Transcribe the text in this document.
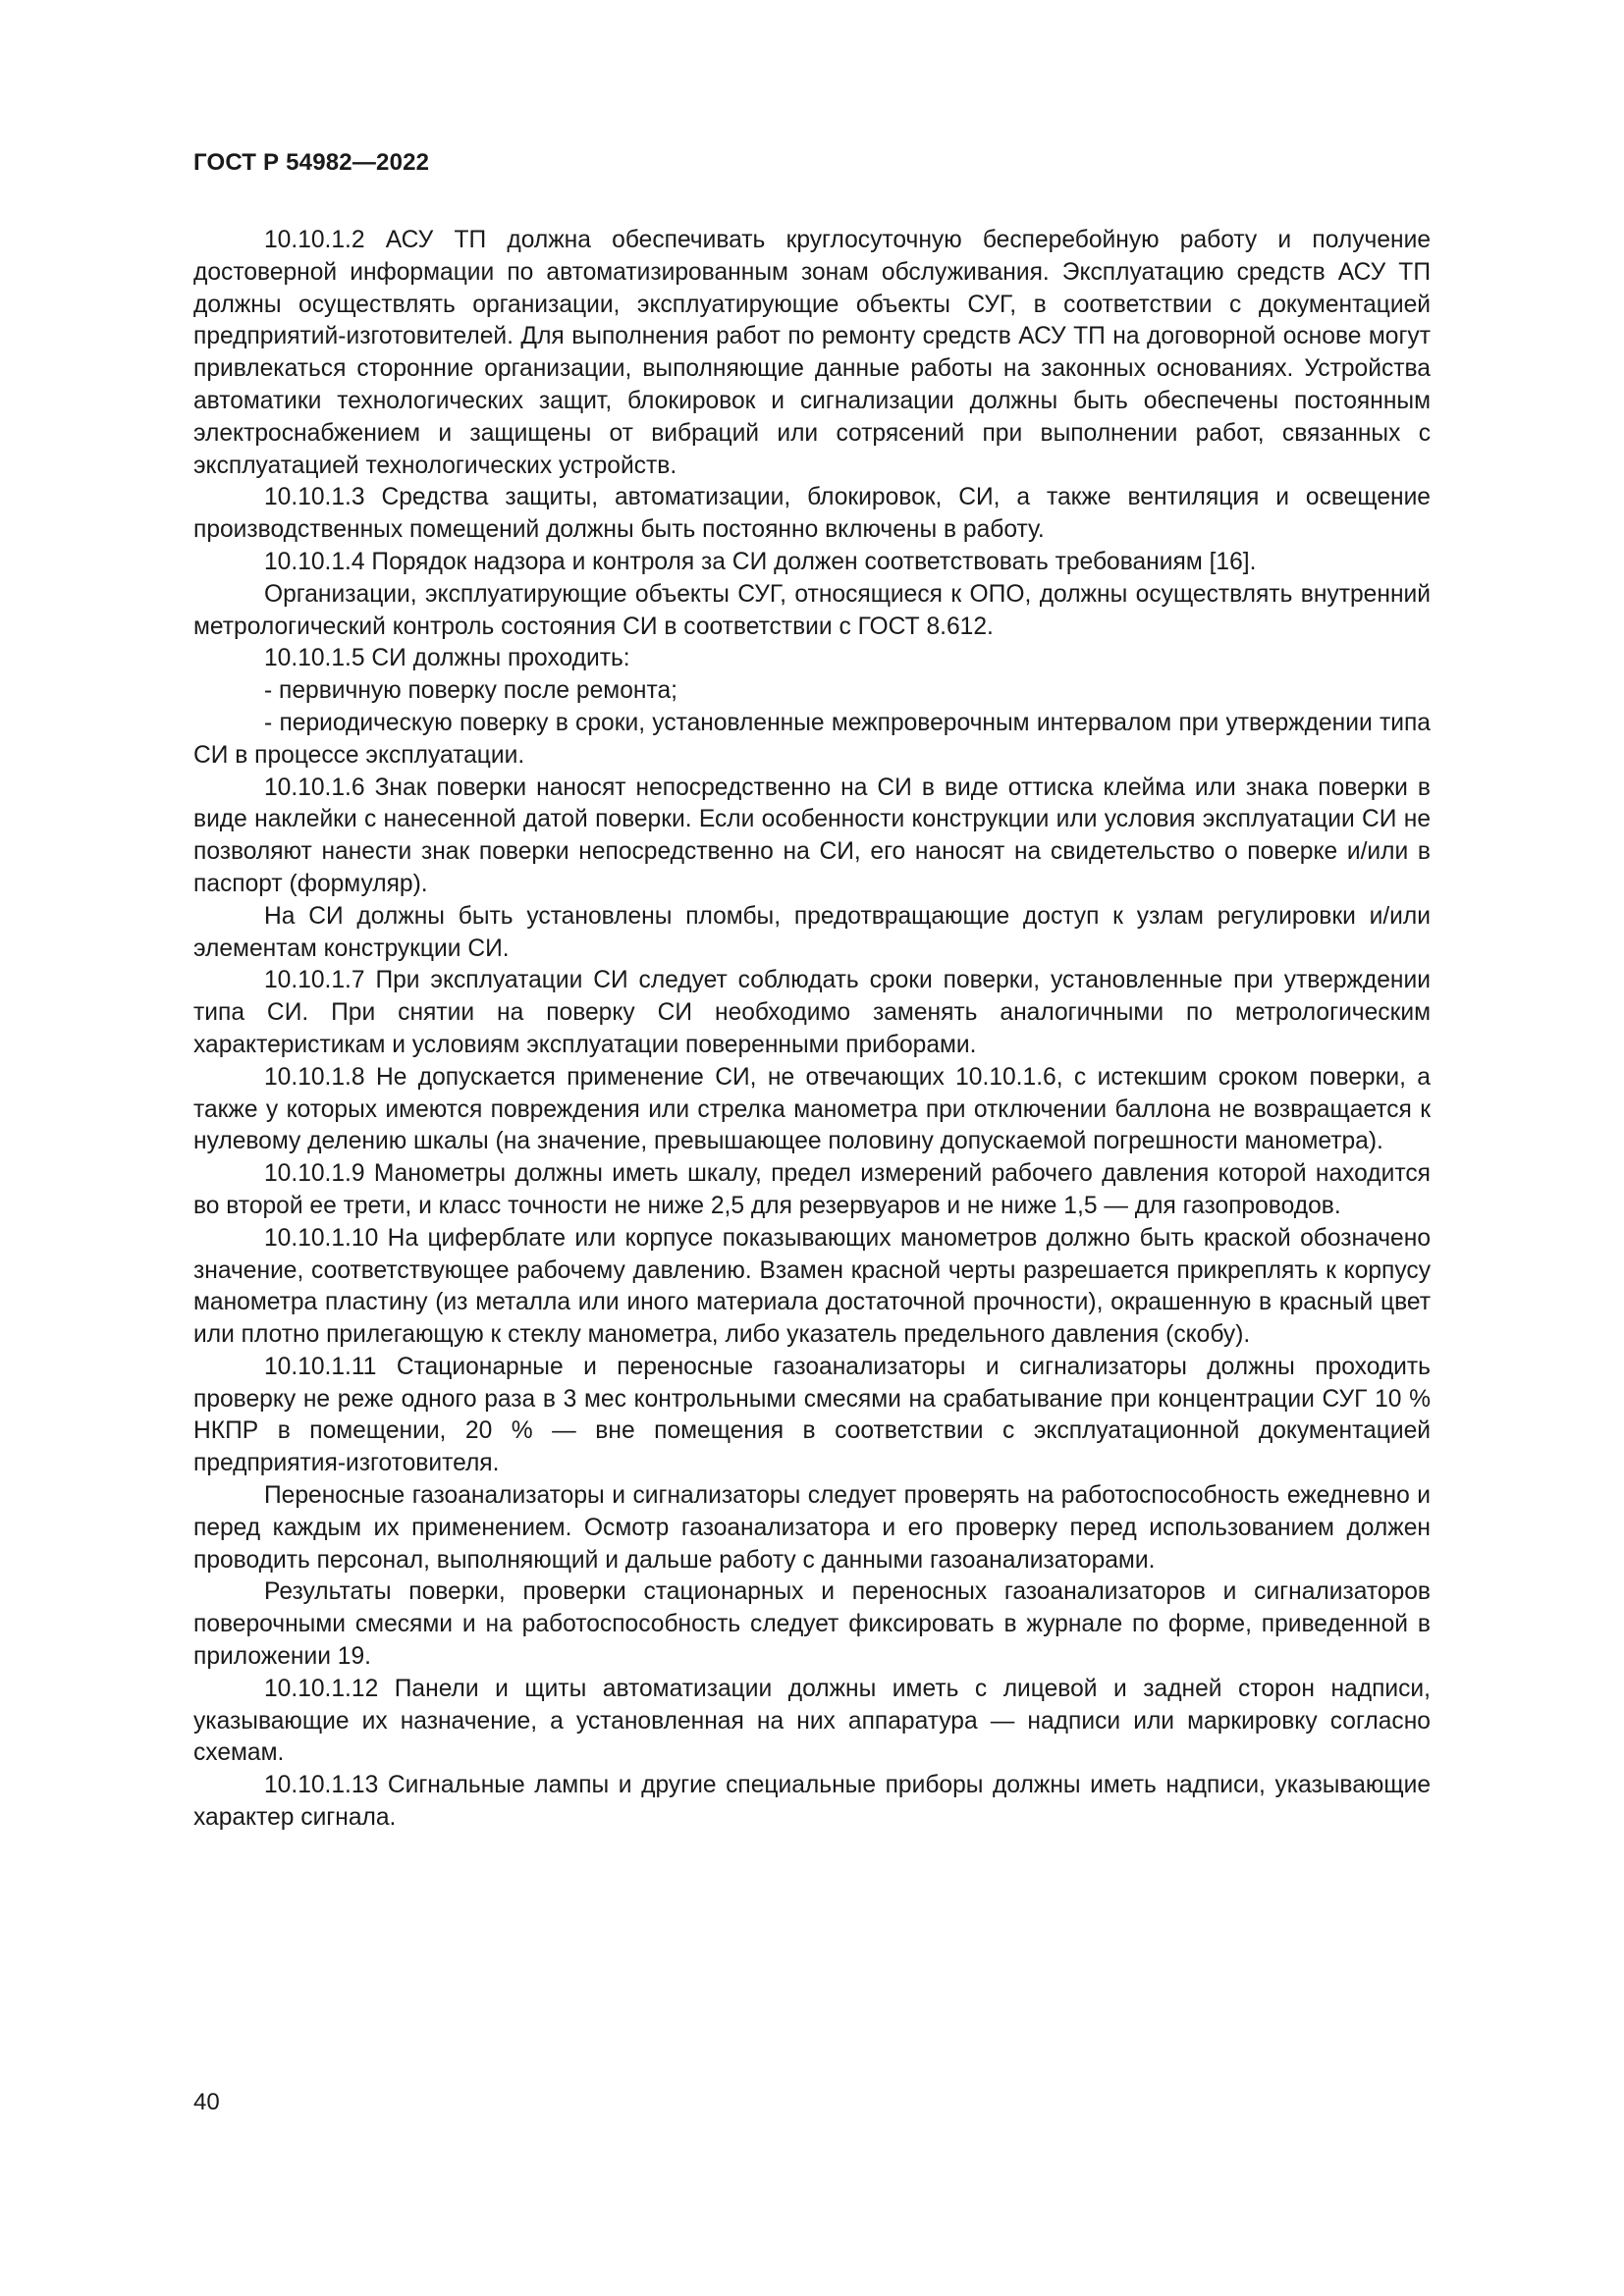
ГОСТ Р 54982—2022

10.10.1.2 АСУ ТП должна обеспечивать круглосуточную бесперебойную работу и получение достоверной информации по автоматизированным зонам обслуживания. Эксплуатацию средств АСУ ТП должны осуществлять организации, эксплуатирующие объекты СУГ, в соответствии с документацией предприятий-изготовителей. Для выполнения работ по ремонту средств АСУ ТП на договорной основе могут привлекаться сторонние организации, выполняющие данные работы на законных основаниях. Устройства автоматики технологических защит, блокировок и сигнализации должны быть обеспечены постоянным электроснабжением и защищены от вибраций или сотрясений при выполнении работ, связанных с эксплуатацией технологических устройств.

10.10.1.3 Средства защиты, автоматизации, блокировок, СИ, а также вентиляция и освещение производственных помещений должны быть постоянно включены в работу.

10.10.1.4 Порядок надзора и контроля за СИ должен соответствовать требованиям [16].

Организации, эксплуатирующие объекты СУГ, относящиеся к ОПО, должны осуществлять внутренний метрологический контроль состояния СИ в соответствии с ГОСТ 8.612.

10.10.1.5 СИ должны проходить:

- первичную поверку после ремонта;

- периодическую поверку в сроки, установленные межпроверочным интервалом при утверждении типа СИ в процессе эксплуатации.

10.10.1.6 Знак поверки наносят непосредственно на СИ в виде оттиска клейма или знака поверки в виде наклейки с нанесенной датой поверки. Если особенности конструкции или условия эксплуатации СИ не позволяют нанести знак поверки непосредственно на СИ, его наносят на свидетельство о поверке и/или в паспорт (формуляр).

На СИ должны быть установлены пломбы, предотвращающие доступ к узлам регулировки и/или элементам конструкции СИ.

10.10.1.7 При эксплуатации СИ следует соблюдать сроки поверки, установленные при утверждении типа СИ. При снятии на поверку СИ необходимо заменять аналогичными по метрологическим характеристикам и условиям эксплуатации поверенными приборами.

10.10.1.8 Не допускается применение СИ, не отвечающих 10.10.1.6, с истекшим сроком поверки, а также у которых имеются повреждения или стрелка манометра при отключении баллона не возвращается к нулевому делению шкалы (на значение, превышающее половину допускаемой погрешности манометра).

10.10.1.9 Манометры должны иметь шкалу, предел измерений рабочего давления которой находится во второй ее трети, и класс точности не ниже 2,5 для резервуаров и не ниже 1,5 — для газопроводов.

10.10.1.10 На циферблате или корпусе показывающих манометров должно быть краской обозначено значение, соответствующее рабочему давлению. Взамен красной черты разрешается прикреплять к корпусу манометра пластину (из металла или иного материала достаточной прочности), окрашенную в красный цвет или плотно прилегающую к стеклу манометра, либо указатель предельного давления (скобу).

10.10.1.11 Стационарные и переносные газоанализаторы и сигнализаторы должны проходить проверку не реже одного раза в 3 мес контрольными смесями на срабатывание при концентрации СУГ 10 % НКПР в помещении, 20 % — вне помещения в соответствии с эксплуатационной документацией предприятия-изготовителя.

Переносные газоанализаторы и сигнализаторы следует проверять на работоспособность ежедневно и перед каждым их применением. Осмотр газоанализатора и его проверку перед использованием должен проводить персонал, выполняющий и дальше работу с данными газоанализаторами.

Результаты поверки, проверки стационарных и переносных газоанализаторов и сигнализаторов поверочными смесями и на работоспособность следует фиксировать в журнале по форме, приведенной в приложении 19.

10.10.1.12 Панели и щиты автоматизации должны иметь с лицевой и задней сторон надписи, указывающие их назначение, а установленная на них аппаратура — надписи или маркировку согласно схемам.

10.10.1.13 Сигнальные лампы и другие специальные приборы должны иметь надписи, указывающие характер сигнала.

40
